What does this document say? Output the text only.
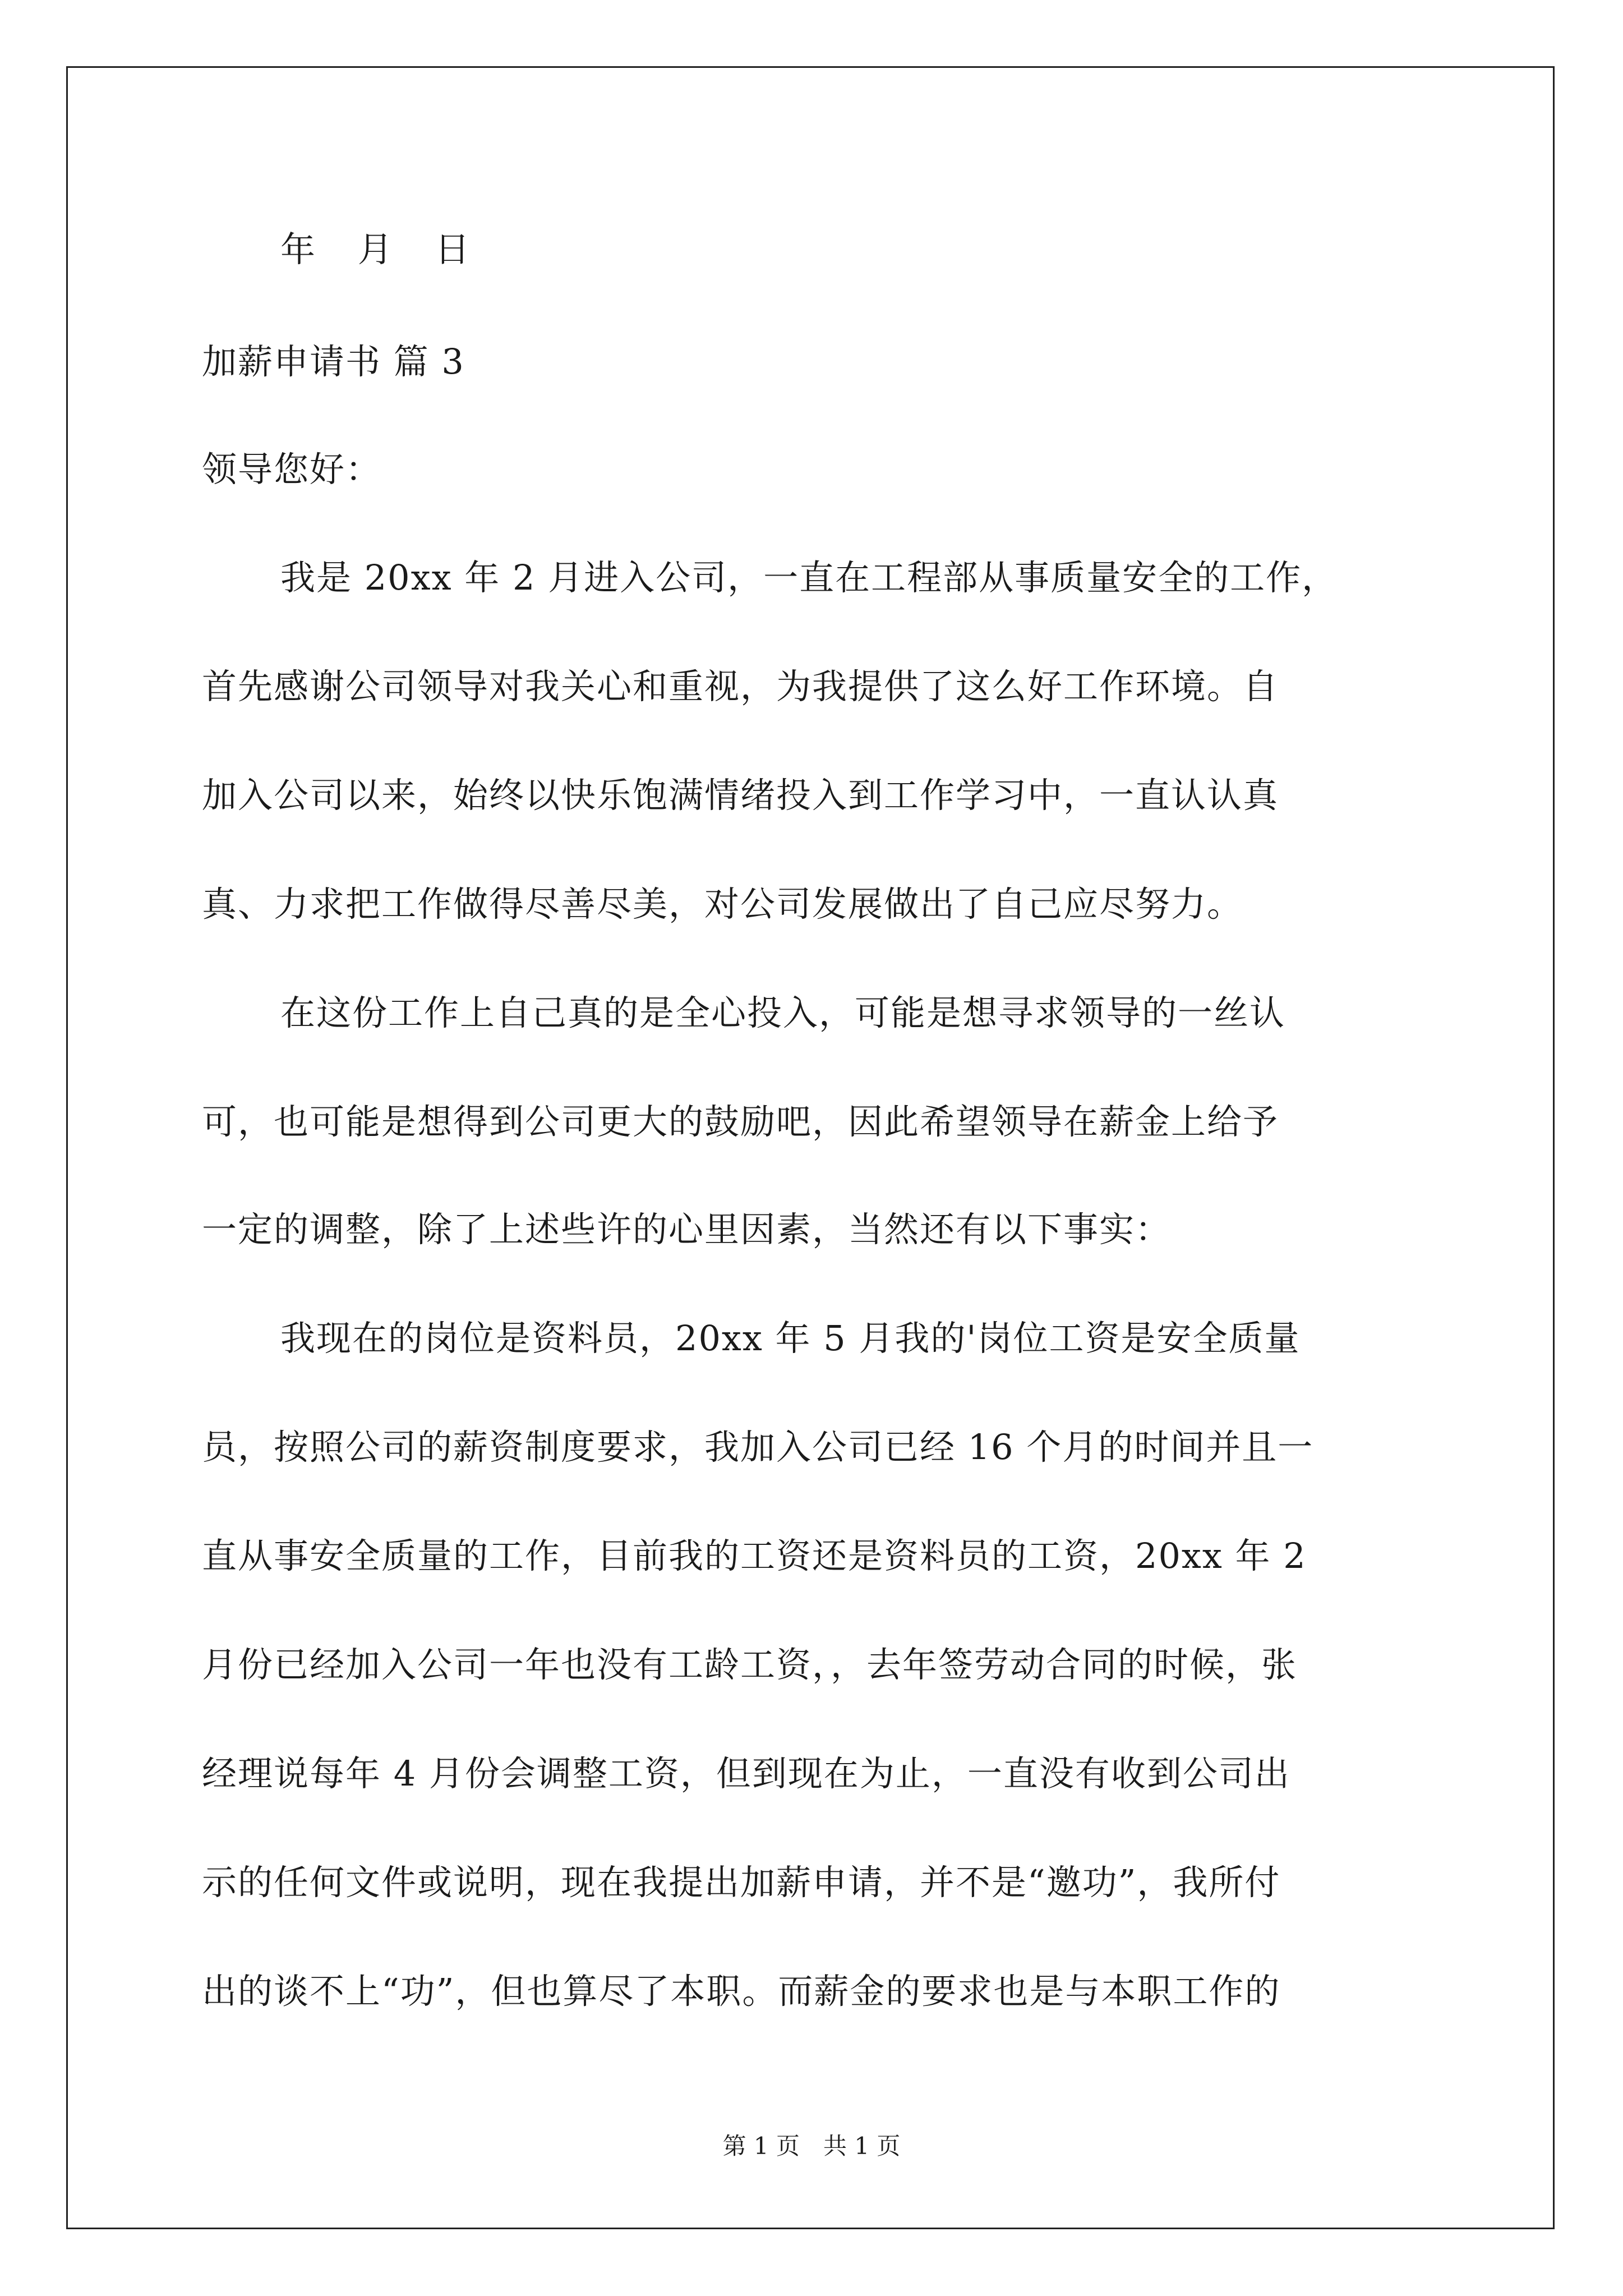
年 月 日
加薪申请书 篇 3
领导您好：
我是 20xx 年 2 月进入公司，一直在工程部从事质量安全的工作，
首先感谢公司领导对我关心和重视，为我提供了这么好工作环境。自
加入公司以来，始终以快乐饱满情绪投入到工作学习中，一直认认真
真、力求把工作做得尽善尽美，对公司发展做出了自己应尽努力。
在这份工作上自己真的是全心投入，可能是想寻求领导的一丝认
可，也可能是想得到公司更大的鼓励吧，因此希望领导在薪金上给予
一定的调整，除了上述些许的心里因素，当然还有以下事实：
我现在的岗位是资料员，20xx 年 5 月我的'岗位工资是安全质量
员，按照公司的薪资制度要求，我加入公司已经 16 个月的时间并且一
直从事安全质量的工作，目前我的工资还是资料员的工资，20xx 年 2
月份已经加入公司一年也没有工龄工资，，去年签劳动合同的时候，张
经理说每年 4 月份会调整工资，但到现在为止，一直没有收到公司出
示的任何文件或说明，现在我提出加薪申请，并不是“邀功”，我所付
出的谈不上“功”，但也算尽了本职。而薪金的要求也是与本职工作的
第 1 页　共 1 页
